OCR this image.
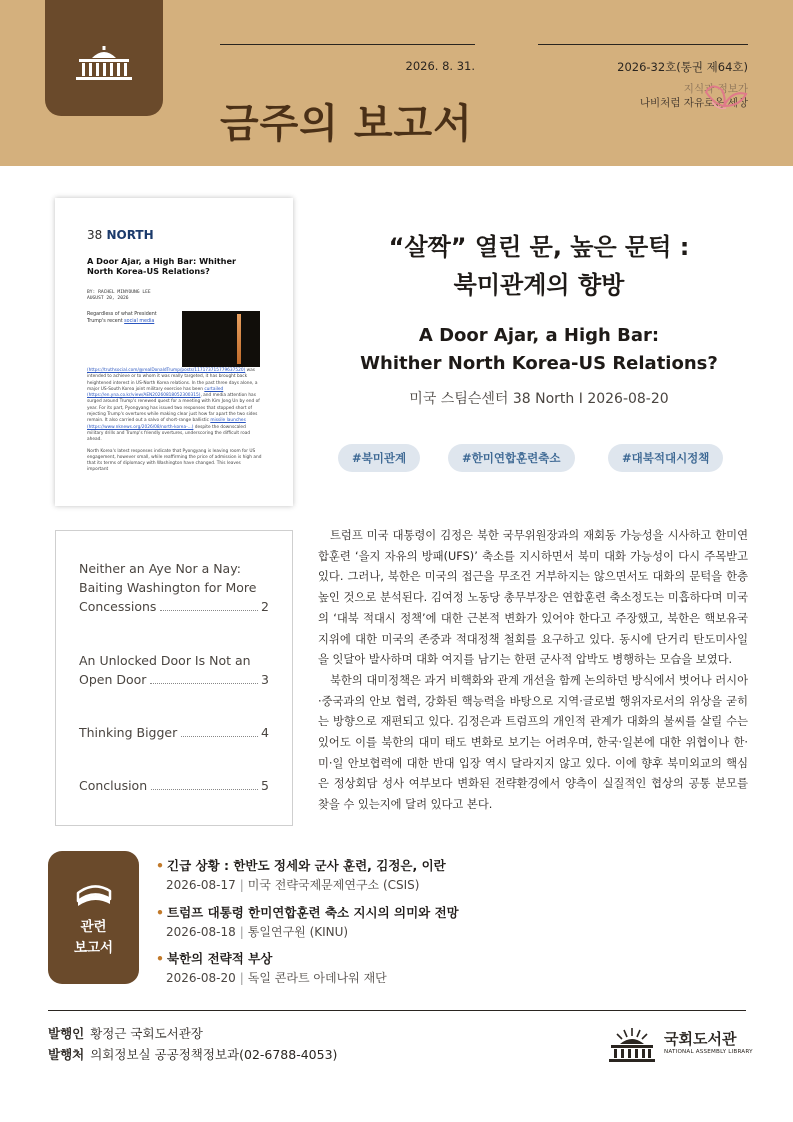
2026. 8. 31.	2026-32호(통권 제64호)
금주의 보고서
지식과 정보가
나비처럼 자유로운 세상
38 NORTH
A Door Ajar, a High Bar: Whither North Korea-US Relations?
BY: RACHEL MINYOUNG LEE
AUGUST 20, 2026
Regardless of what President Trump's recent social media
(https://truthsocial.com/@realDonaldTrump/posts/117173715779637520) was intended to achieve or to whom it was really targeted, it has brought back heightened interest in US-North Korea relations. In the past three days alone, a major US-South Korea joint military exercise has been curtailed (https://en.yna.co.kr/view/AEN20260818052300315), and media attention has surged around Trump's renewed quest for a meeting with Kim Jong Un by end of year. For its part, Pyongyang has issued two responses that stopped short of rejecting Trump's overtures while making clear just how far apart the two sides remain. It also carried out a salvo of short-range ballistic missile launches (https://www.nknews.org/2026/08/north-korea-...) despite the downscaled military drills and Trump's friendly overtures, underscoring the difficult road ahead.
North Korea's latest responses indicate that Pyongyang is leaving room for US engagement, however small, while reaffirming the price of admission is high and that its terms of diplomacy with Washington have changed. This leaves important
“살짝” 열린 문, 높은 문턱 :
북미관계의 향방
A Door Ajar, a High Bar:
Whither North Korea-US Relations?
미국 스팀슨센터 38 North Ι 2026-08-20
#북미관계	#한미연합훈련축소	#대북적대시정책
Neither an Aye Nor a Nay:
Baiting Washington for More
Concessions	2
An Unlocked Door Is Not an
Open Door	3
Thinking Bigger	4
Conclusion	5

트럼프 미국 대통령이 김정은 북한 국무위원장과의 재회동 가능성을 시사하고 한미연합훈련 ‘을지 자유의 방패(UFS)’ 축소를 지시하면서 북미 대화 가능성이 다시 주목받고 있다. 그러나, 북한은 미국의 접근을 무조건 거부하지는 않으면서도 대화의 문턱을 한층 높인 것으로 분석된다. 김여정 노동당 총무부장은 연합훈련 축소정도는 미흡하다며 미국의 ‘대북 적대시 정책’에 대한 근본적 변화가 있어야 한다고 주장했고, 북한은 핵보유국 지위에 대한 미국의 존중과 적대정책 철회를 요구하고 있다. 동시에 단거리 탄도미사일을 잇달아 발사하며 대화 여지를 남기는 한편 군사적 압박도 병행하는 모습을 보였다.

북한의 대미정책은 과거 비핵화와 관계 개선을 함께 논의하던 방식에서 벗어나 러시아·중국과의 안보 협력, 강화된 핵능력을 바탕으로 지역·글로벌 행위자로서의 위상을 굳히는 방향으로 재편되고 있다. 김정은과 트럼프의 개인적 관계가 대화의 불씨를 살릴 수는 있어도 이를 북한의 대미 태도 변화로 보기는 어려우며, 한국·일본에 대한 위협이나 한·미·일 안보협력에 대한 반대 입장 역시 달라지지 않고 있다. 이에 향후 북미외교의 핵심은 정상회담 성사 여부보다 변화된 전략환경에서 양측이 실질적인 협상의 공통 분모를 찾을 수 있는지에 달려 있다고 본다.

관련
보고서
• 긴급 상황 : 한반도 정세와 군사 훈련, 김정은, 이란
2026-08-17 | 미국 전략국제문제연구소 (CSIS)
• 트럼프 대통령 한미연합훈련 축소 지시의 의미와 전망
2026-08-18 | 통일연구원 (KINU)
• 북한의 전략적 부상
2026-08-20 | 독일 콘라트 아데나워 재단
발행인 황정근 국회도서관장
발행처 의회정보실 공공정책정보과(02-6788-4053)
국회도서관
NATIONAL ASSEMBLY LIBRARY
